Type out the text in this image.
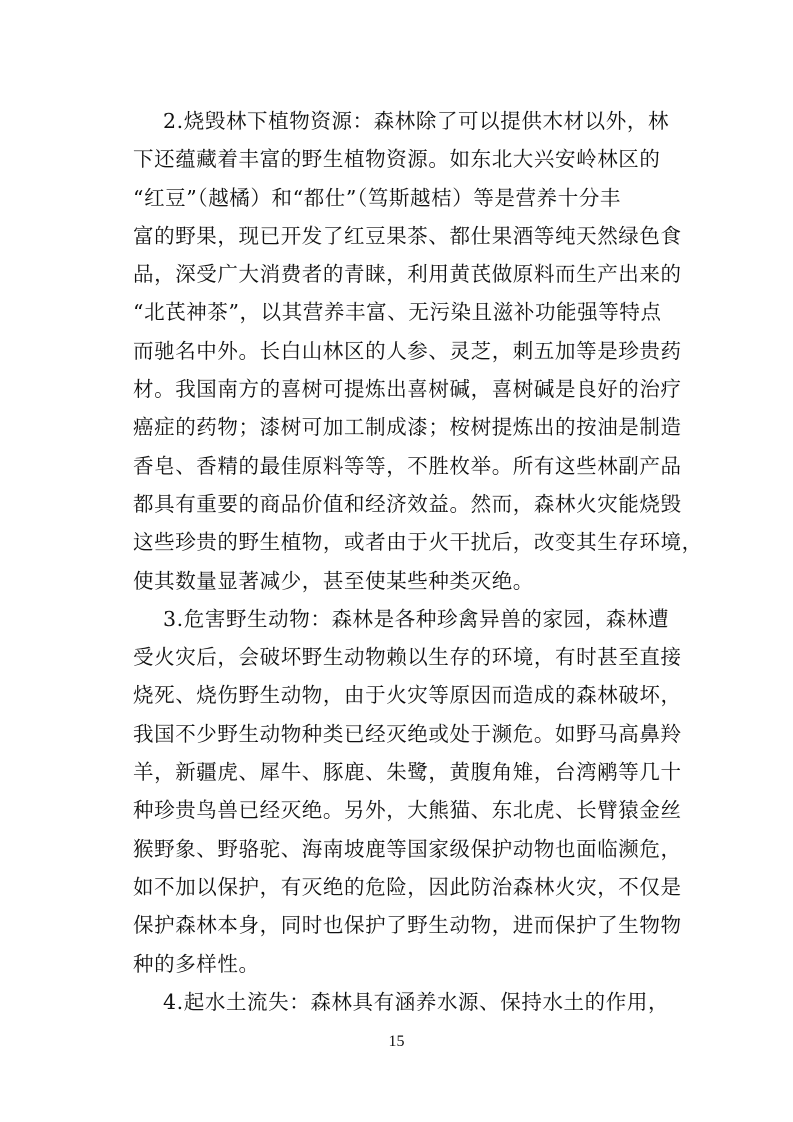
2.烧毁林下植物资源：森林除了可以提供木材以外，林
下还蕴藏着丰富的野生植物资源。如东北大兴安岭林区的
“红豆”（越橘）和“都仕”（笃斯越桔）等是营养十分丰
富的野果，现已开发了红豆果茶、都仕果酒等纯天然绿色食
品，深受广大消费者的青睐，利用黄芪做原料而生产出来的
“北芪神茶”，以其营养丰富、无污染且滋补功能强等特点
而驰名中外。长白山林区的人参、灵芝，刺五加等是珍贵药
材。我国南方的喜树可提炼出喜树碱，喜树碱是良好的治疗
癌症的药物；漆树可加工制成漆；桉树提炼出的按油是制造
香皂、香精的最佳原料等等，不胜枚举。所有这些林副产品
都具有重要的商品价值和经济效益。然而，森林火灾能烧毁
这些珍贵的野生植物，或者由于火干扰后，改变其生存环境，
使其数量显著减少，甚至使某些种类灭绝。
3.危害野生动物：森林是各种珍禽异兽的家园，森林遭
受火灾后，会破坏野生动物赖以生存的环境，有时甚至直接
烧死、烧伤野生动物，由于火灾等原因而造成的森林破坏，
我国不少野生动物种类已经灭绝或处于濒危。如野马高鼻羚
羊，新疆虎、犀牛、豚鹿、朱鹭，黄腹角雉，台湾鹇等几十
种珍贵鸟兽已经灭绝。另外，大熊猫、东北虎、长臂猿金丝
猴野象、野骆驼、海南坡鹿等国家级保护动物也面临濒危，
如不加以保护，有灭绝的危险，因此防治森林火灾，不仅是
保护森林本身，同时也保护了野生动物，进而保护了生物物
种的多样性。
4.起水土流失：森林具有涵养水源、保持水土的作用，
15
